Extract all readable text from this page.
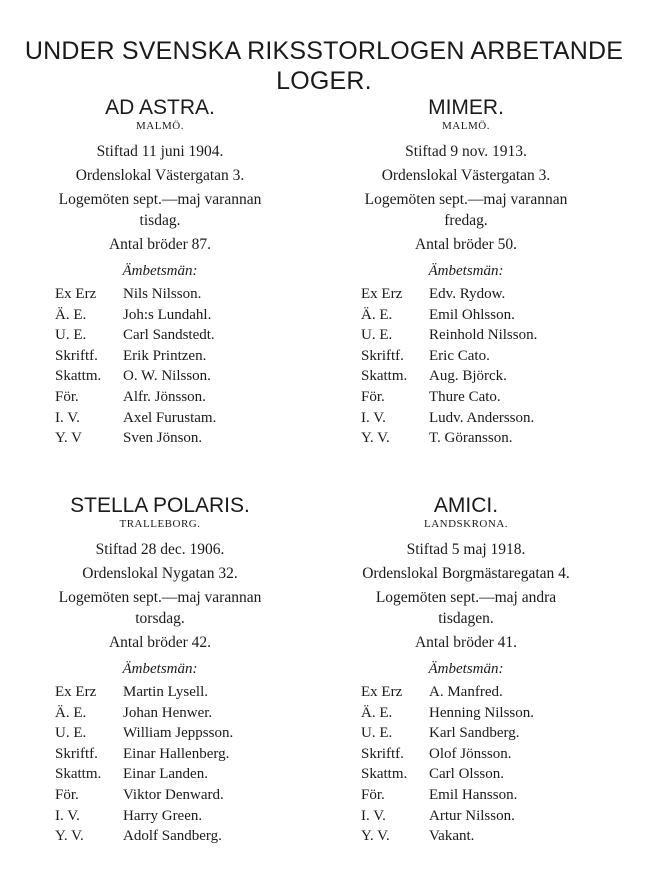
UNDER SVENSKA RIKSSTORLOGEN ARBETANDE
LOGER.
AD ASTRA.
MALMÖ.
Stiftad 11 juni 1904.
Ordenslokal Västergatan 3.
Logemöten sept.—maj varannan
tisdag.
Antal bröder 87.
Ämbetsmän:
Ex Erz	Nils Nilsson.
Ä. E.	Joh:s Lundahl.
U. E.	Carl Sandstedt.
Skriftf.	Erik Printzen.
Skattm.	O. W. Nilsson.
För.	Alfr. Jönsson.
I. V.	Axel Furustam.
Y. V	Sven Jönson.
MIMER.
MALMÖ.
Stiftad 9 nov. 1913.
Ordenslokal Västergatan 3.
Logemöten sept.—maj varannan
fredag.
Antal bröder 50.
Ämbetsmän:
Ex Erz	Edv. Rydow.
Ä. E.	Emil Ohlsson.
U. E.	Reinhold Nilsson.
Skriftf.	Eric Cato.
Skattm.	Aug. Björck.
För.	Thure Cato.
I. V.	Ludv. Andersson.
Y. V.	T. Göransson.
STELLA POLARIS.
TRALLEBORG.
Stiftad 28 dec. 1906.
Ordenslokal Nygatan 32.
Logemöten sept.—maj varannan
torsdag.
Antal bröder 42.
Ämbetsmän:
Ex Erz	Martin Lysell.
Ä. E.	Johan Henwer.
U. E.	William Jeppsson.
Skriftf.	Einar Hallenberg.
Skattm.	Einar Landen.
För.	Viktor Denward.
I. V.	Harry Green.
Y. V.	Adolf Sandberg.
AMICI.
LANDSKRONA.
Stiftad 5 maj 1918.
Ordenslokal Borgmästaregatan 4.
Logemöten sept.—maj andra
tisdagen.
Antal bröder 41.
Ämbetsmän:
Ex Erz	A. Manfred.
Ä. E.	Henning Nilsson.
U. E.	Karl Sandberg.
Skriftf.	Olof Jönsson.
Skattm.	Carl Olsson.
För.	Emil Hansson.
I. V.	Artur Nilsson.
Y. V.	Vakant.
